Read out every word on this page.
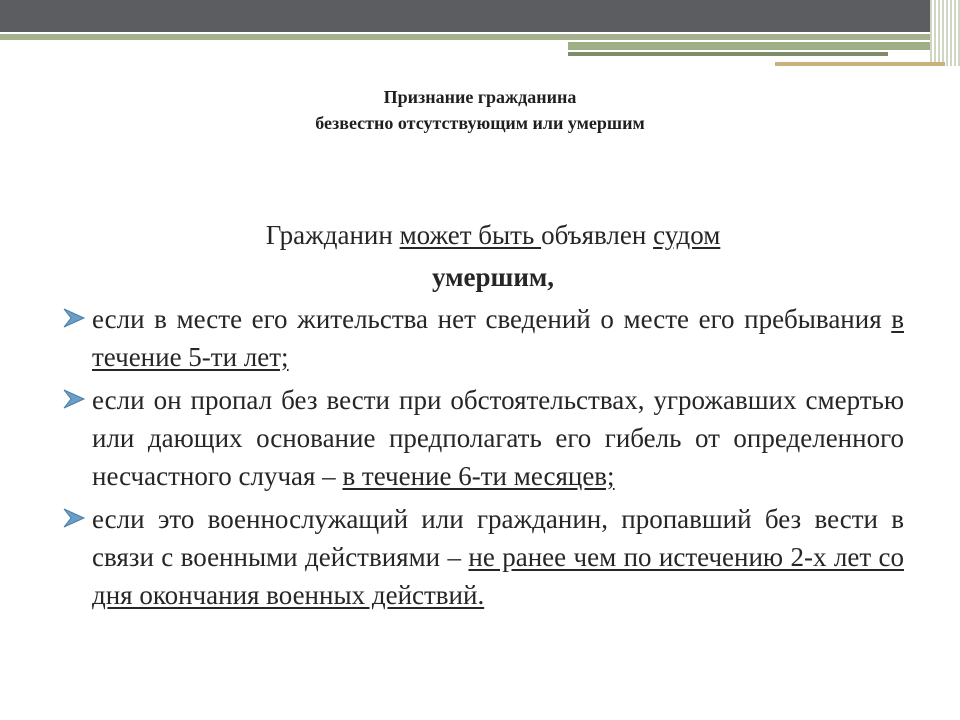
Признание гражданина
безвестно отсутствующим или умершим
Гражданин может быть объявлен судом
умершим,
если в месте его жительства нет сведений о месте его пребывания в течение 5-ти лет;
если он пропал без вести при обстоятельствах, угрожавших смертью или дающих основание предполагать его гибель от определенного несчастного случая – в течение 6-ти месяцев;
если это военнослужащий или гражданин, пропавший без вести в связи с военными действиями – не ранее чем по истечению 2-х лет со дня окончания военных действий.
